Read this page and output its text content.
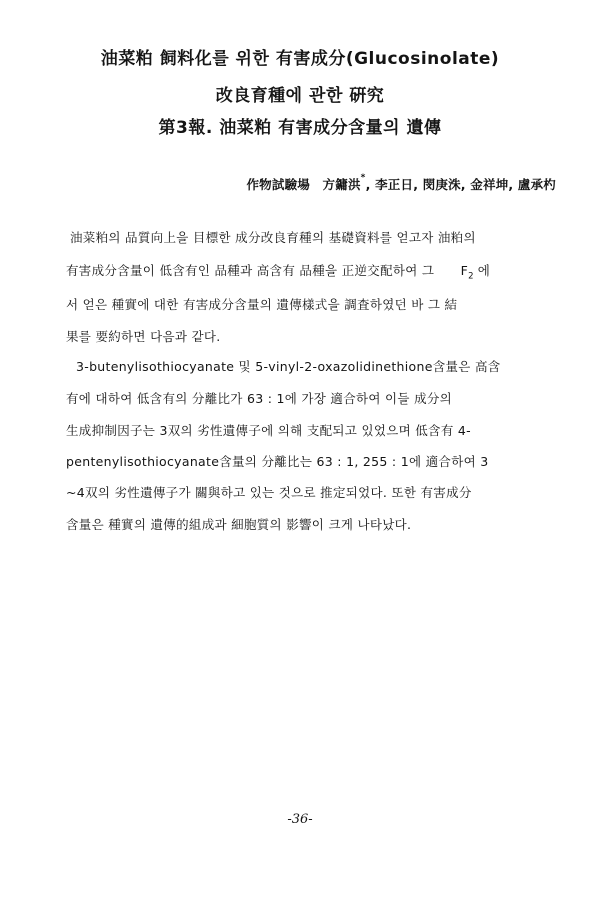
油菜粕 飼料化를 위한 有害成分(Glucosinolate)
改良育種에 관한 硏究
第3報. 油菜粕 有害成分含量의 遺傳
作物試驗場 方鏞洪*, 李正日, 閔庚洙, 金祥坤, 盧承杓
油菜粕의 品質向上을 目標한 成分改良育種의 基礎資料를 얻고자 油粕의
有害成分含量이 低含有인 品種과 高含有 品種을 正逆交配하여 그 $F_2$ 에
서 얻은 種實에 대한 有害成分含量의 遺傳樣式을 調査하였던 바 그 結
果를 要約하면 다음과 같다.
3-butenylisothiocyanate 및 5-vinyl-2-oxazolidinethione含量은 高含
有에 대하여 低含有의 分離比가 63 : 1에 가장 適合하여 이들 成分의
生成抑制因子는 3双의 劣性遺傳子에 의해 支配되고 있었으며 低含有 4-
pentenylisothiocyanate含量의 分離比는 63 : 1, 255 : 1에 適合하여 3
~4双의 劣性遺傳子가 關與하고 있는 것으로 推定되었다. 또한 有害成分
含量은 種實의 遺傳的組成과 細胞質의 影響이 크게 나타났다.
-36-
